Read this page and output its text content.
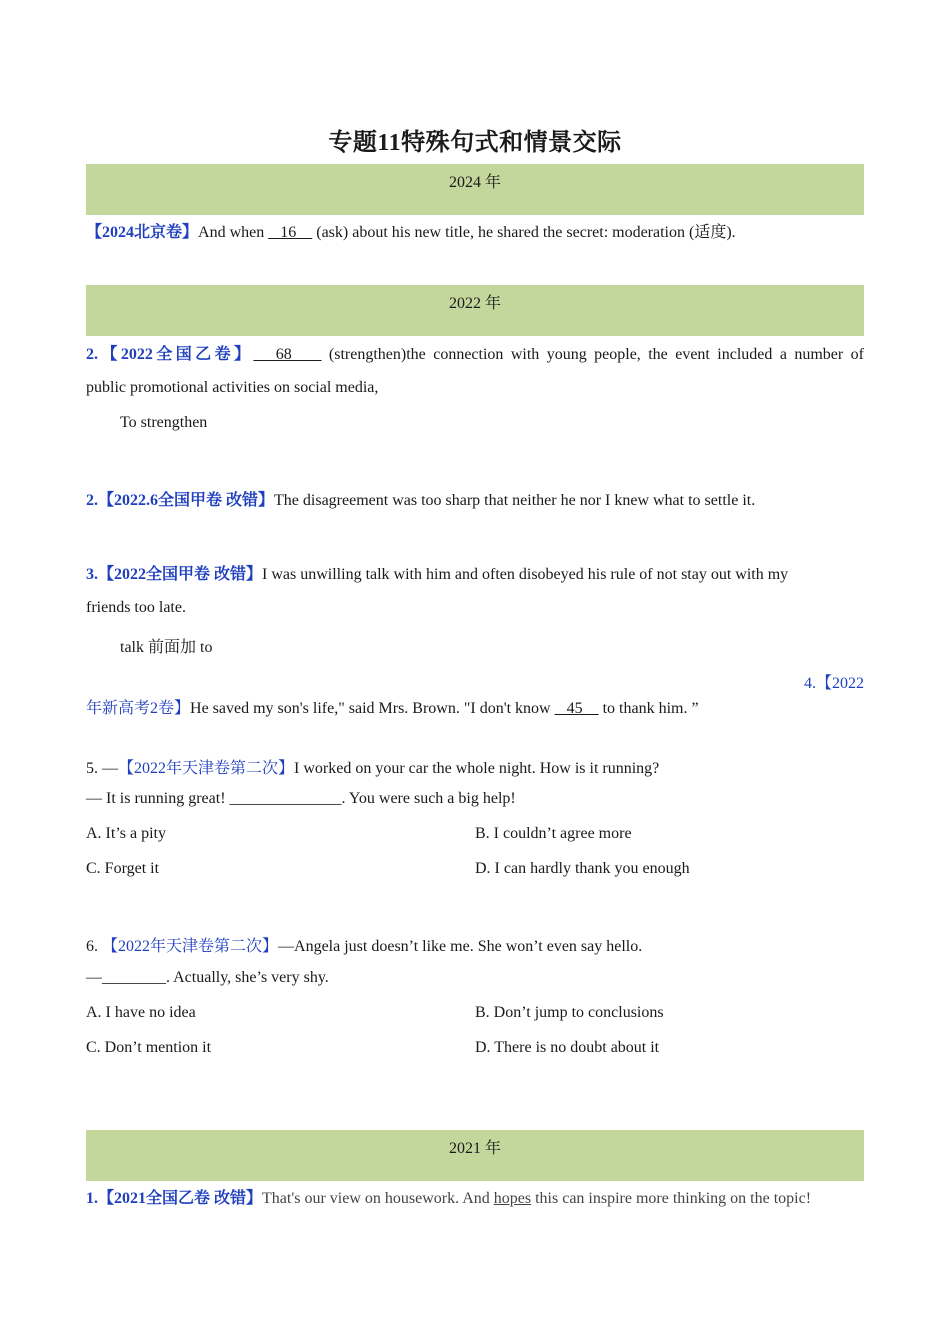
专题11特殊句式和情景交际
2024 年
【2024北京卷】And when    16     (ask) about his new title, he shared the secret: moderation (适度).
2022 年
2.【2022全国乙卷】   68     (strengthen)the connection with young people, the event included a number of
public promotional activities on social media,
To strengthen
2.【2022.6全国甲卷 改错】The disagreement was too sharp that neither he nor I knew what to settle it.
3.【2022全国甲卷 改错】I was unwilling talk with him and often disobeyed his rule of not stay out with my
friends too late.
talk 前面加 to
4.【2022
年新高考2卷】He saved my son's life," said Mrs. Brown. "I don't know    45     to thank him. ”
5. —【2022年天津卷第二次】I worked on your car the whole night. How is it running?
— It is running great! ______________. You were such a big help!
A. It’s a pity	B. I couldn’t agree more
C. Forget it	D. I can hardly thank you enough
6. 【2022年天津卷第二次】—Angela just doesn’t like me. She won’t even say hello.
—________. Actually, she’s very shy.
A. I have no idea	B. Don’t jump to conclusions
C. Don’t mention it	D. There is no doubt about it
2021 年
1.【2021全国乙卷 改错】That's our view on housework. And hopes this can inspire more thinking on the topic!
